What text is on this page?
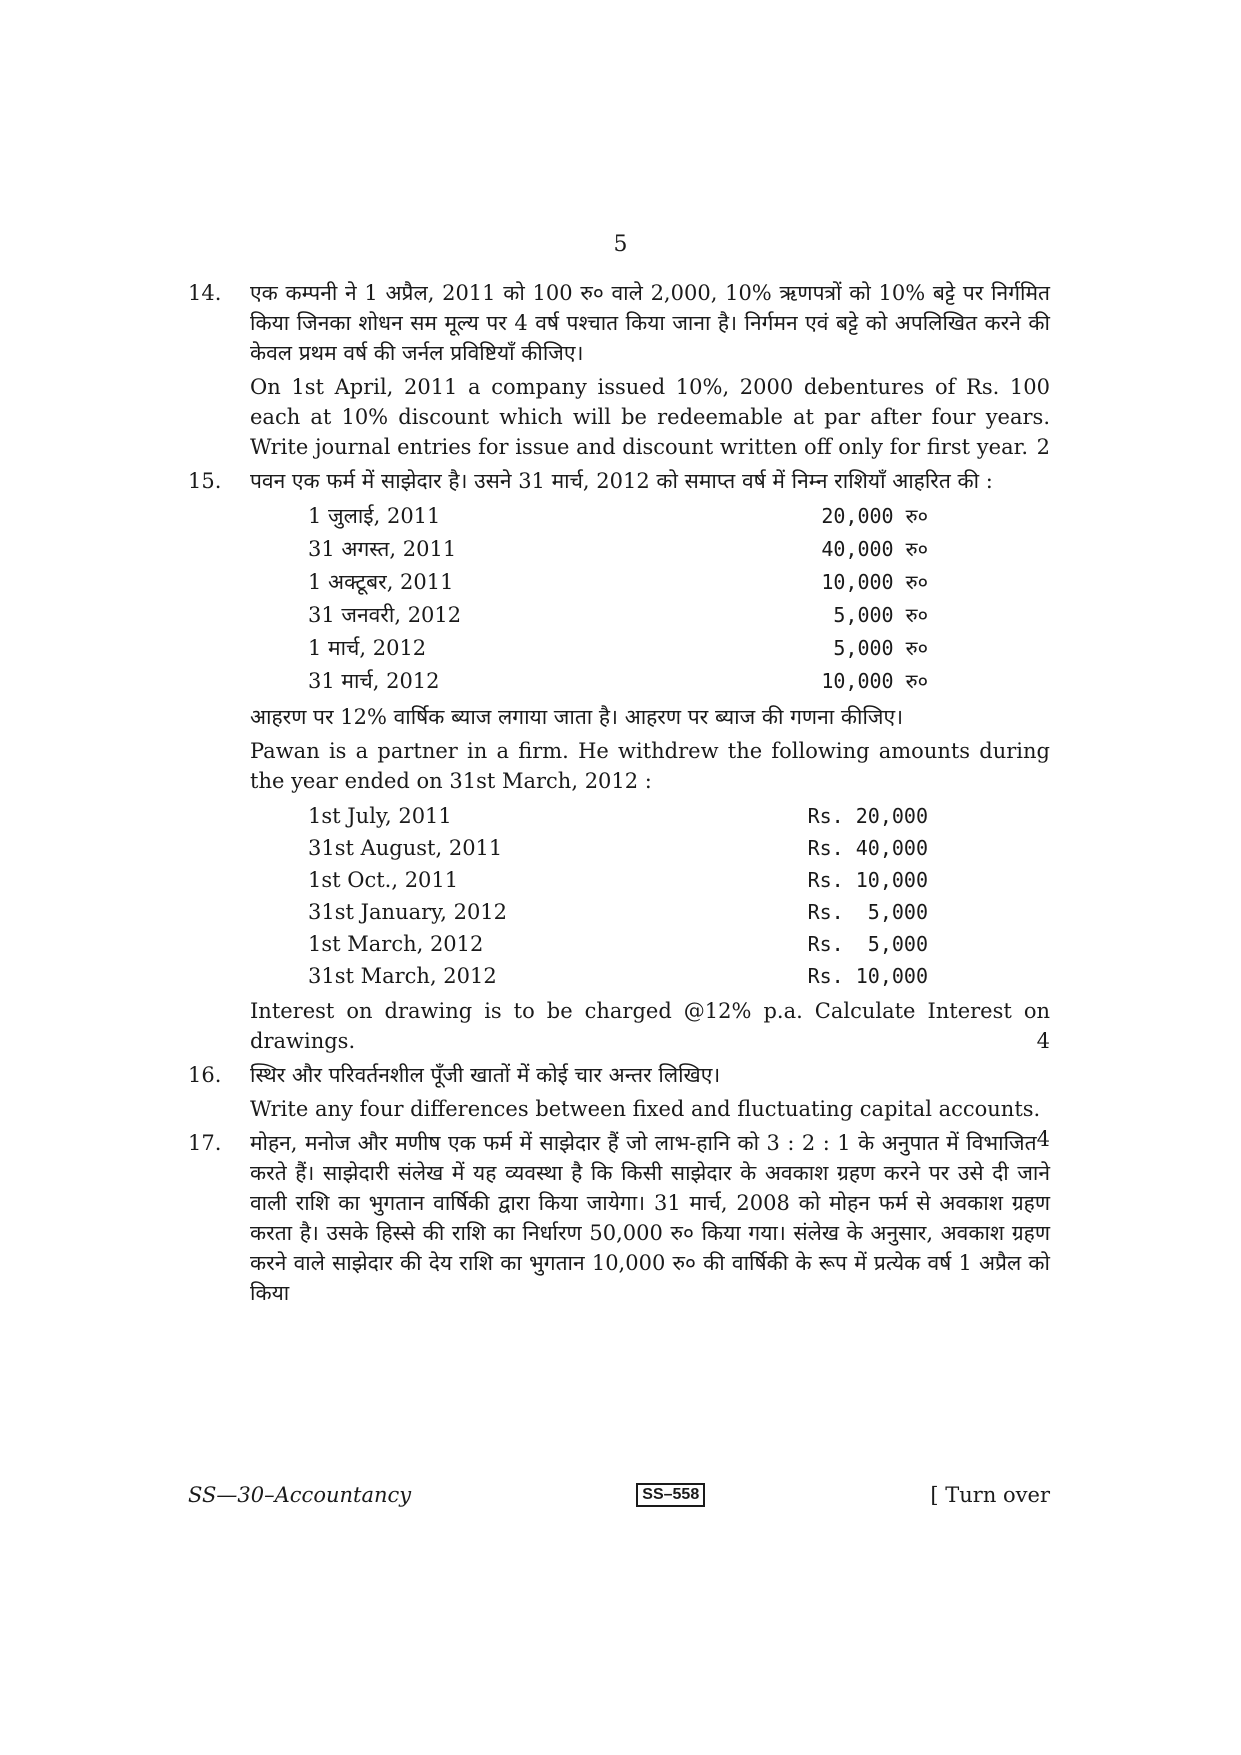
5
14. एक कम्पनी ने 1 अप्रैल, 2011 को 100 रु० वाले 2,000, 10% ऋणपत्रों को 10% बट्टे पर निर्गमित किया जिनका शोधन सम मूल्य पर 4 वर्ष पश्चात किया जाना है। निर्गमन एवं बट्टे को अपलिखित करने की केवल प्रथम वर्ष की जर्नल प्रविष्टियाँ कीजिए।

On 1st April, 2011 a company issued 10%, 2000 debentures of Rs. 100 each at 10% discount which will be redeemable at par after four years. Write journal entries for issue and discount written off only for first year. 2

15. पवन एक फर्म में साझेदार है। उसने 31 मार्च, 2012 को समाप्त वर्ष में निम्न राशियाँ आहरित की :

1 जुलाई, 2011	20,000 रु०
31 अगस्त, 2011	40,000 रु०
1 अक्टूबर, 2011	10,000 रु०
31 जनवरी, 2012	5,000 रु०
1 मार्च, 2012	5,000 रु०
31 मार्च, 2012	10,000 रु०

आहरण पर 12% वार्षिक ब्याज लगाया जाता है। आहरण पर ब्याज की गणना कीजिए।

Pawan is a partner in a firm. He withdrew the following amounts during the year ended on 31st March, 2012 :

1st July, 2011	Rs. 20,000
31st August, 2011	Rs. 40,000
1st Oct., 2011	Rs. 10,000
31st January, 2012	Rs.  5,000
1st March, 2012	Rs.  5,000
31st March, 2012	Rs. 10,000

Interest on drawing is to be charged @12% p.a. Calculate Interest on drawings.	4

16. स्थिर और परिवर्तनशील पूँजी खातों में कोई चार अन्तर लिखिए।

Write any four differences between fixed and fluctuating capital accounts.
4

17. मोहन, मनोज और मणीष एक फर्म में साझेदार हैं जो लाभ-हानि को 3 : 2 : 1 के अनुपात में विभाजित करते हैं। साझेदारी संलेख में यह व्यवस्था है कि किसी साझेदार के अवकाश ग्रहण करने पर उसे दी जाने वाली राशि का भुगतान वार्षिकी द्वारा किया जायेगा। 31 मार्च, 2008 को मोहन फर्म से अवकाश ग्रहण करता है। उसके हिस्से की राशि का निर्धारण 50,000 रु० किया गया। संलेख के अनुसार, अवकाश ग्रहण करने वाले साझेदार की देय राशि का भुगतान 10,000 रु० की वार्षिकी के रूप में प्रत्येक वर्ष 1 अप्रैल को किया

SS—30–Accountancy	SS–558	[ Turn over
